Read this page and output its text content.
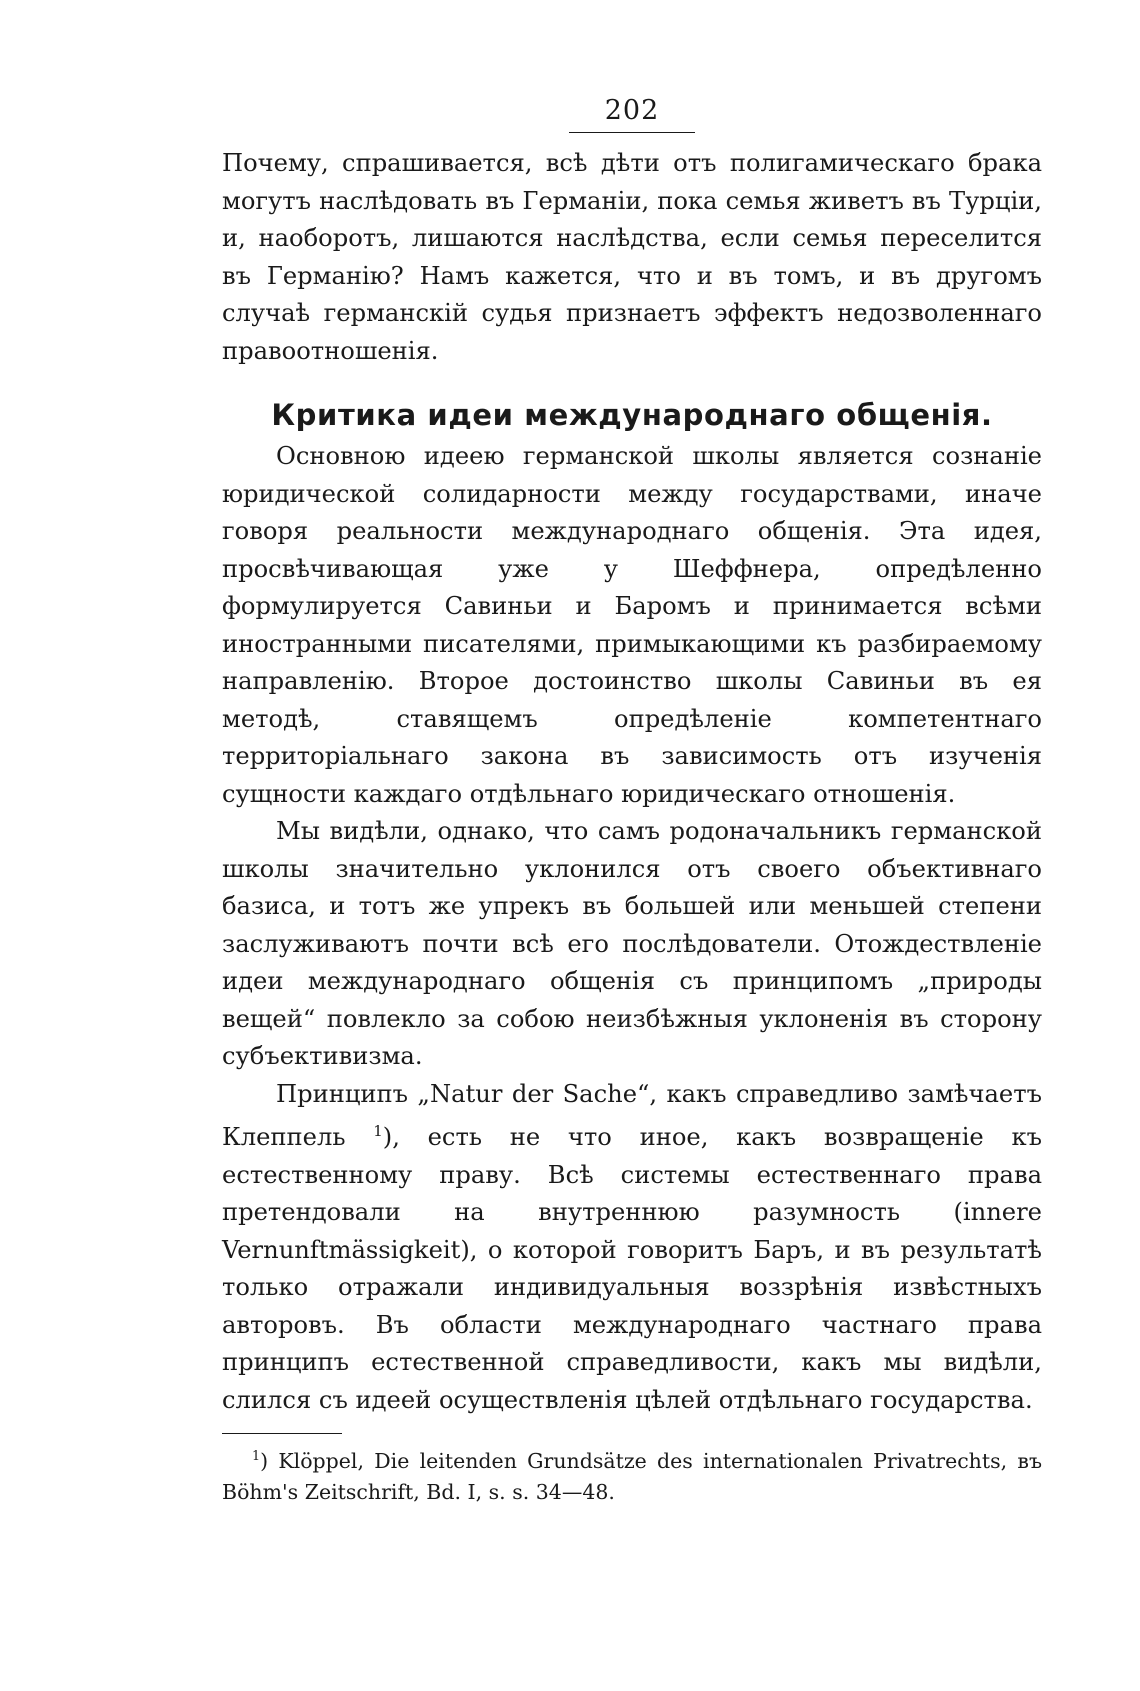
202

Почему, спрашивается, всѣ дѣти отъ полигамическаго брака могутъ наслѣдовать въ Германіи, пока семья живетъ въ Турціи, и, наоборотъ, лишаются наслѣдства, если семья переселится въ Германію? Намъ кажется, что и въ томъ, и въ другомъ случаѣ германскій судья признаетъ эффектъ недозволеннаго правоотношенія.

Критика идеи международнаго общенія.

Основною идеею германской школы является сознаніе юридической солидарности между государствами, иначе говоря реальности международнаго общенія. Эта идея, просвѣчивающая уже у Шеффнера, опредѣленно формулируется Савиньи и Баромъ и принимается всѣми иностранными писателями, примыкающими къ разбираемому направленію. Второе достоинство школы Савиньи въ ея методѣ, ставящемъ опредѣленіе компетентнаго территоріальнаго закона въ зависимость отъ изученія сущности каждаго отдѣльнаго юридическаго отношенія.

Мы видѣли, однако, что самъ родоначальникъ германской школы значительно уклонился отъ своего объективнаго базиса, и тотъ же упрекъ въ большей или меньшей степени заслуживаютъ почти всѣ его послѣдователи. Отождествленіе идеи международнаго общенія съ принципомъ „природы вещей“ повлекло за собою неизбѣжныя уклоненія въ сторону субъективизма.

Принципъ „Natur der Sache“, какъ справедливо замѣчаетъ Клеппель $^1$), есть не что иное, какъ возвращеніе къ естественному праву. Всѣ системы естественнаго права претендовали на внутреннюю разумность (innere Vernunftmässigkeit), о которой говоритъ Баръ, и въ результатѣ только отражали индивидуальныя воззрѣнія извѣстныхъ авторовъ. Въ области международнаго частнаго права принципъ естественной справедливости, какъ мы видѣли, слился съ идеей осуществленія цѣлей отдѣльнаго государства.

$^1$) Klöppel, Die leitenden Grundsätze des internationalen Privatrechts, въ Böhm's Zeitschrift, Bd. I, s. s. 34—48.
